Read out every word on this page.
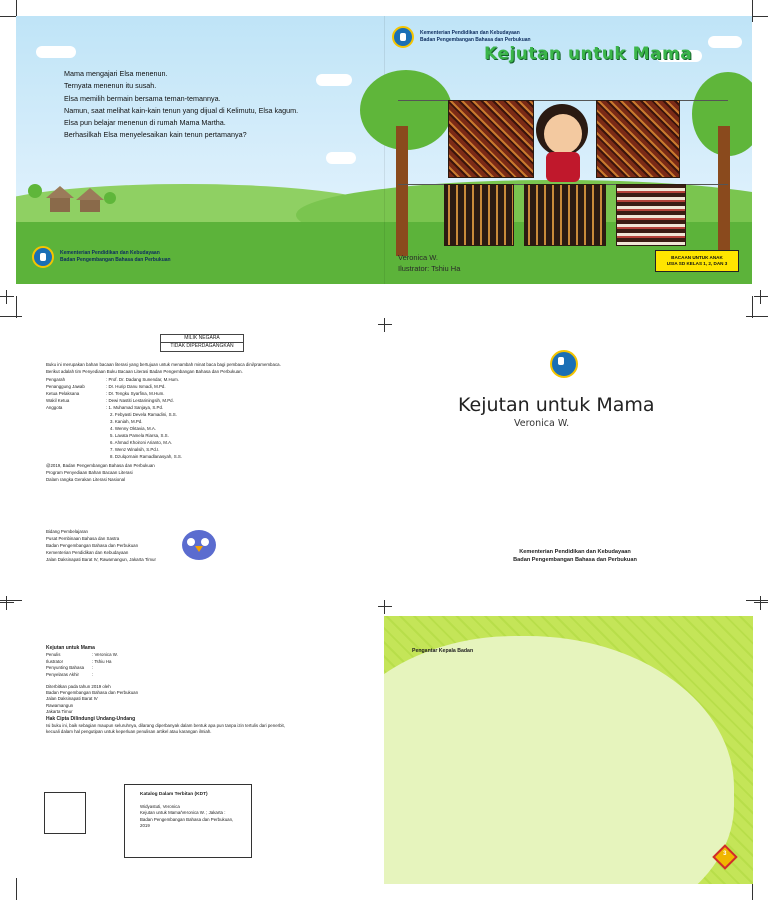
Mama mengajari Elsa menenun.
Ternyata menenun itu susah.
Elsa memilih bermain bersama teman-temannya.
Namun, saat melihat kain-kain tenun yang dijual di Kelimutu, Elsa kagum.
Elsa pun belajar menenun di rumah Mama Martha.
Berhasilkah Elsa menyelesaikan kain tenun pertamanya?
Kementerian Pendidikan dan Kebudayaan
Badan Pengembangan Bahasa dan Perbukuan
Kementerian Pendidikan dan Kebudayaan
Badan Pengembangan Bahasa dan Perbukuan
Kejutan untuk Mama
Veronica W.
Ilustrator: Tshiu Ha
BACAAN UNTUK ANAK
USIA SD KELAS 1, 2, DAN 3
MILIK NEGARA
TIDAK DIPERDAGANGKAN
Buku ini merupakan bahan bacaan literasi yang bertujuan untuk menambah minat baca bagi pembaca dini/pramembaca.
Berikut adalah tim Penyediaan Buku Bacaan Literasi Badan Pengembangan Bahasa dan Perbukuan.
Pengarah
Penanggung Jawab
Ketua Pelaksana
Wakil Ketua
Anggota
: Prof. Dr. Dadang Sunendar, M.Hum.
: Dr. Hurip Danu Ismadi, M.Pd.
: Dr. Tengku Syarfina, M.Hum.
: Dewi Nastiti Lestariningsih, M.Pd.
: 1. Muhamad Sanjaya, S.Pd.
2. Febyasti Devela Ramadini, S.S.
3. Kaniah, M.Pd.
4. Wenny Oktavia, M.A.
5. Lavata Pamela Riarsa, S.S.
6. Ahmad Khoironi Arianto, M.A.
7. Wenz Winalsih, S.Pd.I.
8. Dzulqornain Ramadlanasyah, S.S.
@2019, Badan Pengembangan Bahasa dan Perbukuan
Program Penyediaan Bahan Bacaan Literasi
Dalam rangka Gerakan Literasi Nasional
Bidang Pembelajaran
Pusat Pembinaan Bahasa dan Sastra
Badan Pengembangan Bahasa dan Perbukuan
Kementerian Pendidikan dan Kebudayaan
Jalan Daksinapati Barat IV, Rawamangun, Jakarta Timur
Kejutan untuk Mama
Veronica W.
Kementerian Pendidikan dan Kebudayaan
Badan Pengembangan Bahasa dan Perbukuan
Kejutan untuk Mama
Penulis
Ilustrator
Penyunting Bahasa
Penyelaras Akhir
: Veronica W.
: Tshiu Ha
:
:
Diterbitkan pada tahun 2019 oleh
Badan Pengembangan Bahasa dan Perbukuan
Jalan Daksinapati Barat IV
Rawamangun
Jakarta Timur
Hak Cipta Dilindungi Undang-Undang
Isi buku ini, baik sebagian maupun seluruhnya, dilarang diperbanyak dalam bentuk apa pun tanpa izin tertulis dari penerbit,
kecuali dalam hal pengutipan untuk keperluan penulisan artikel atau karangan ilmiah.
Katalog Dalam Terbitan (KDT)
Widyastuti, Veronica
Kejutan untuk Mama/Veronica W. ; Jakarta :
Badan Pengembangan Bahasa dan Perbukuan,
2019
Pengantar Kepala Badan
3
